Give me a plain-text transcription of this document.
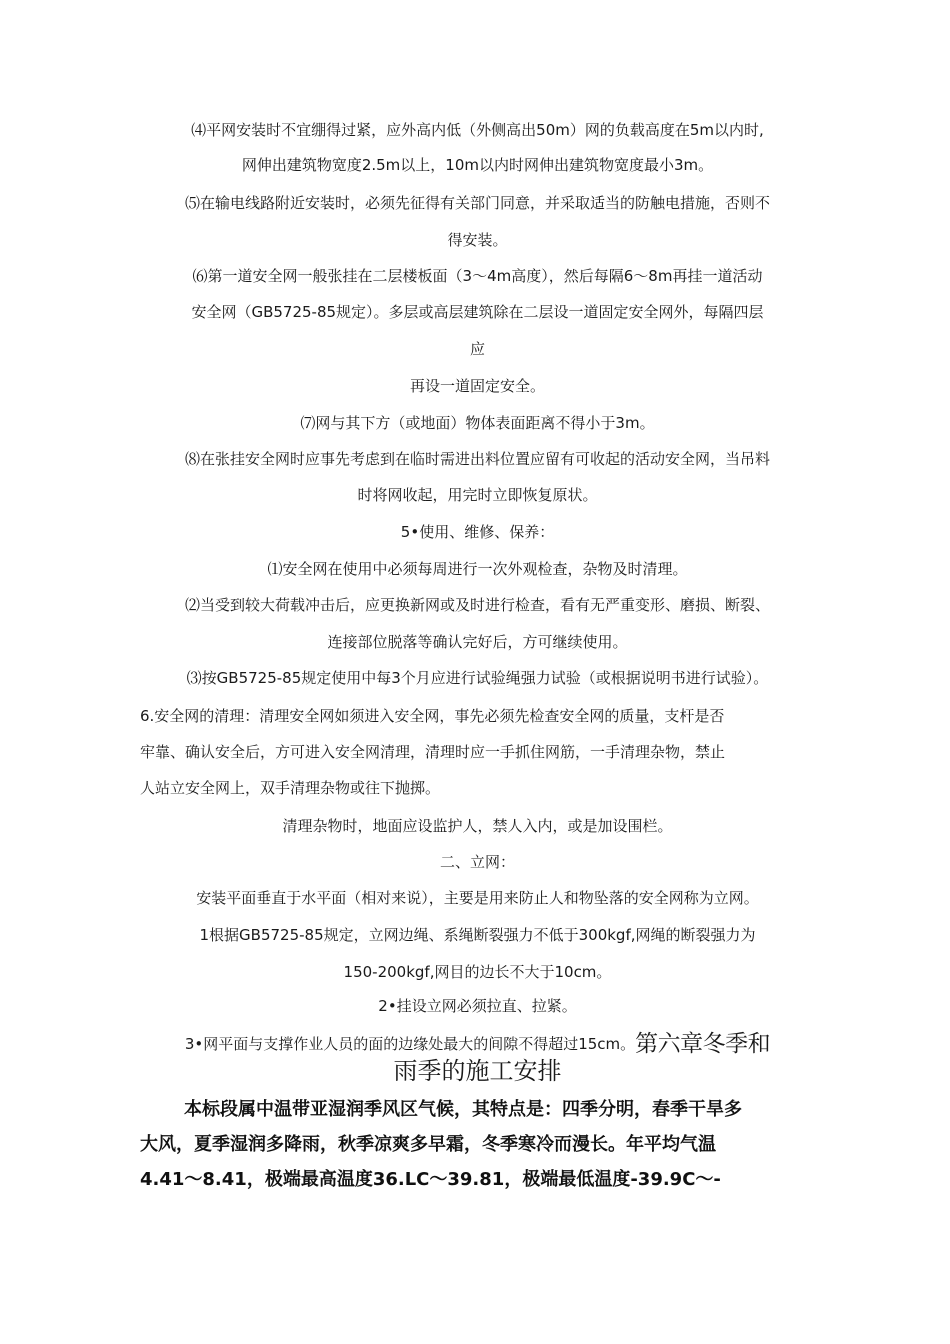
⑷平网安装时不宜绷得过紧，应外高内低（外侧高出50m）网的负载高度在5m以内时,
网伸出建筑物宽度2.5m以上，10m以内时网伸出建筑物宽度最小3m。
⑸在输电线路附近安装时，必须先征得有关部门同意，并采取适当的防触电措施，否则不
得安装。
⑹第一道安全网一般张挂在二层楼板面（3〜4m高度），然后每隔6〜8m再挂一道活动
安全网（GB5725-85规定）。多层或高层建筑除在二层设一道固定安全网外，每隔四层
应
再设一道固定安全。
⑺网与其下方（或地面）物体表面距离不得小于3m。
⑻在张挂安全网时应事先考虑到在临时需进出料位置应留有可收起的活动安全网，当吊料
时将网收起，用完时立即恢复原状。
5•使用、维修、保养：
⑴安全网在使用中必须每周进行一次外观检查，杂物及时清理。
⑵当受到较大荷载冲击后，应更换新网或及时进行检查，看有无严重变形、磨损、断裂、
连接部位脱落等确认完好后，方可继续使用。
⑶按GB5725-85规定使用中每3个月应进行试验绳强力试验（或根据说明书进行试验）。
6.安全网的清理：清理安全网如须进入安全网，事先必须先检查安全网的质量，支杆是否
牢靠、确认安全后，方可进入安全网清理，清理时应一手抓住网筋，一手清理杂物，禁止
人站立安全网上，双手清理杂物或往下抛掷。
清理杂物时，地面应设监护人，禁人入内，或是加设围栏。
二、立网：
安装平面垂直于水平面（相对来说），主要是用来防止人和物坠落的安全网称为立网。
1根据GB5725-85规定，立网边绳、系绳断裂强力不低于300kgf,网绳的断裂强力为
150-200kgf,网目的边长不大于10cm。
2•挂设立网必须拉直、拉紧。
3•网平面与支撑作业人员的面的边缘处最大的间隙不得超过15cm。第六章冬季和
雨季的施工安排
本标段属中温带亚湿润季风区气候，其特点是：四季分明，春季干旱多
大风，夏季湿润多降雨，秋季凉爽多早霜，冬季寒冷而漫长。年平均气温
4.41〜8.41，极端最高温度36.LC〜39.81，极端最低温度-39.9C〜-
